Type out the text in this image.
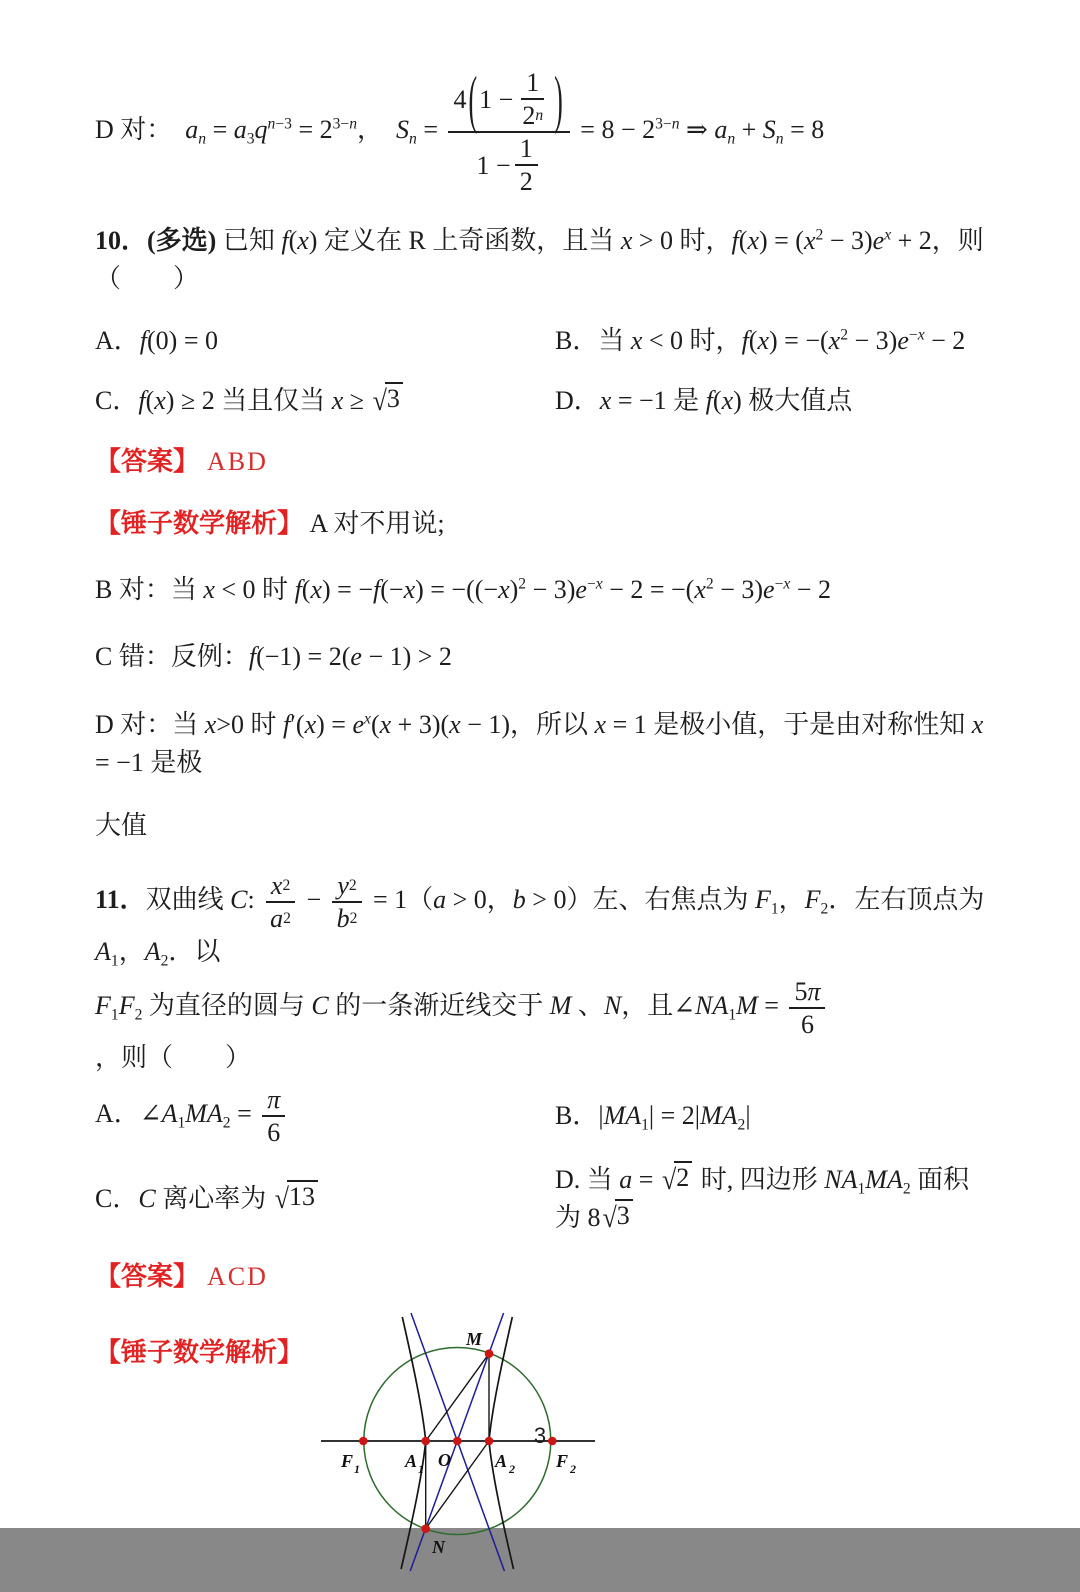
D 对：　$a_n = a_3q^{n-3} = 2^{3-n}$，　$S_n = \frac{4 ( 1 - \frac{1}{2 n} )}{1 - \frac{1}{2}} = 8 - 2^{3-n}$ ⇒ $a_n + S_n = 8$
10．(多选) 已知 f(x) 定义在 R 上奇函数，且当 x > 0 时，$f(x) = (x^2 - 3)e^x + 2$，则（　　）
A．f(0) = 0	B．当 x < 0 时，$f(x) = -(x^2 - 3)e^{-x} - 2$
C．f(x) ≥ 2 当且仅当 x ≥ √ 3	D．x = −1 是 f(x) 极大值点
【答案】 ABD
【锤子数学解析】 A 对不用说;
B 对：当 x < 0 时 $f(x) = -f(-x) = -((-x)^2 - 3)e^{-x} - 2 = -(x^2 - 3)e^{-x} - 2$
C 错：反例：f(−1) = 2(e − 1) > 2
D 对：当 x>0 时 $f'(x) = e^x(x + 3)(x - 1)$，所以 x = 1 是极小值，于是由对称性知 x = −1 是极
大值
11．双曲线 C: $\frac{x 2}{a 2} - \frac{y 2}{b 2} = 1(a > 0$，b > 0）左、右焦点为 $F_1$，$F_2$．左右顶点为 $A_1$，$A_2$．以
$F_1F_2$ 为直径的圆与 C 的一条渐近线交于 M 、N，且$\angle NA_1M = \frac{5 \pi}{6}$
，则（　　）
A．$\angle A_1MA_2 = \frac{\pi}{6}$	B．$|MA_1| = 2|MA_2|$
C．C 离心率为 √ 13
D. 当 a = √ 2 时, 四边形 $NA_1MA_2$ 面积为 8 √ 3
【答案】 ACD
【锤子数学解析】
F 1	A 1 O A 2 F 2
M
N
3
